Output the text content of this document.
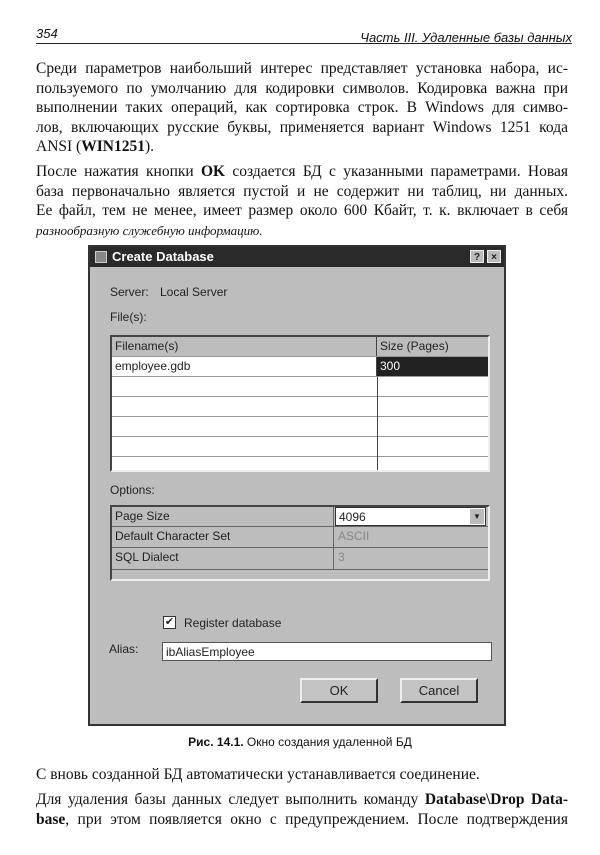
354	Часть III. Удаленные базы данных
Среди параметров наибольший интерес представляет установка набора, ис-
пользуемого по умолчанию для кодировки символов. Кодировка важна при
выполнении таких операций, как сортировка строк. В Windows для симво-
лов, включающих русские буквы, применяется вариант Windows 1251 кода
ANSI (WIN1251).
После нажатия кнопки OK создается БД с указанными параметрами. Новая
база первоначально является пустой и не содержит ни таблиц, ни данных.
Ее файл, тем не менее, имеет размер около 600 Кбайт, т. к. включает в себя
разнообразную служебную информацию.
Create Database	?	×
Server: Local Server
File(s):
Filename(s)	Size (Pages)
employee.gdb	300
Options:
Page Size	4096	▼
Default Character Set	ASCII
SQL Dialect	3
✔ Register database
Alias:	ibAliasEmployee
OK	Cancel
Рис. 14.1. Окно создания удаленной БД
С вновь созданной БД автоматически устанавливается соединение.
Для удаления базы данных следует выполнить команду Database\Drop Data-
base, при этом появляется окно с предупреждением. После подтверждения
